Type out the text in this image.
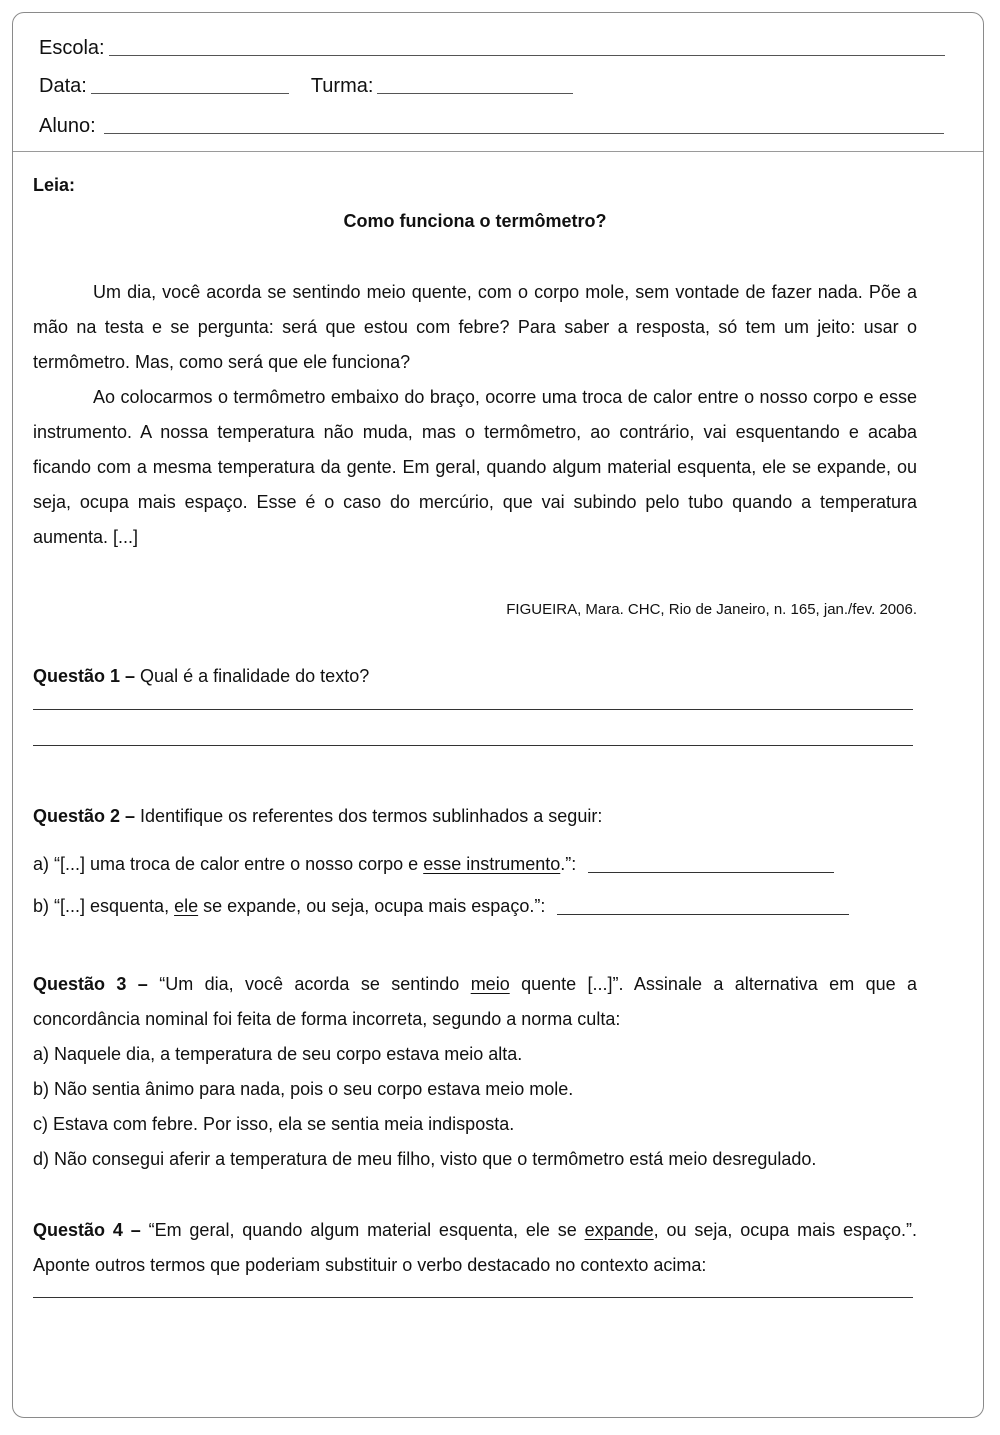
Escola:
Data:	Turma:
Aluno:
Leia:
Como funciona o termômetro?

Um dia, você acorda se sentindo meio quente, com o corpo mole, sem vontade de fazer nada. Põe a mão na testa e se pergunta: será que estou com febre? Para saber a resposta, só tem um jeito: usar o termômetro. Mas, como será que ele funciona?

Ao colocarmos o termômetro embaixo do braço, ocorre uma troca de calor entre o nosso corpo e esse instrumento. A nossa temperatura não muda, mas o termômetro, ao contrário, vai esquentando e acaba ficando com a mesma temperatura da gente. Em geral, quando algum material esquenta, ele se expande, ou seja, ocupa mais espaço. Esse é o caso do mercúrio, que vai subindo pelo tubo quando a temperatura aumenta. [...]

FIGUEIRA, Mara. CHC, Rio de Janeiro, n. 165, jan./fev. 2006.

Questão 1 – Qual é a finalidade do texto?

Questão 2 – Identifique os referentes dos termos sublinhados a seguir:

a) “[...] uma troca de calor entre o nosso corpo e esse instrumento .”:
b) “[...] esquenta, ele se expande, ou seja, ocupa mais espaço.”:

Questão 3 – “Um dia, você acorda se sentindo meio quente [...]”. Assinale a alternativa em que a concordância nominal foi feita de forma incorreta, segundo a norma culta:

a) Naquele dia, a temperatura de seu corpo estava meio alta.
b) Não sentia ânimo para nada, pois o seu corpo estava meio mole.
c) Estava com febre. Por isso, ela se sentia meia indisposta.
d) Não consegui aferir a temperatura de meu filho, visto que o termômetro está meio desregulado.

Questão 4 – “Em geral, quando algum material esquenta, ele se expande, ou seja, ocupa mais espaço.”. Aponte outros termos que poderiam substituir o verbo destacado no contexto acima:
